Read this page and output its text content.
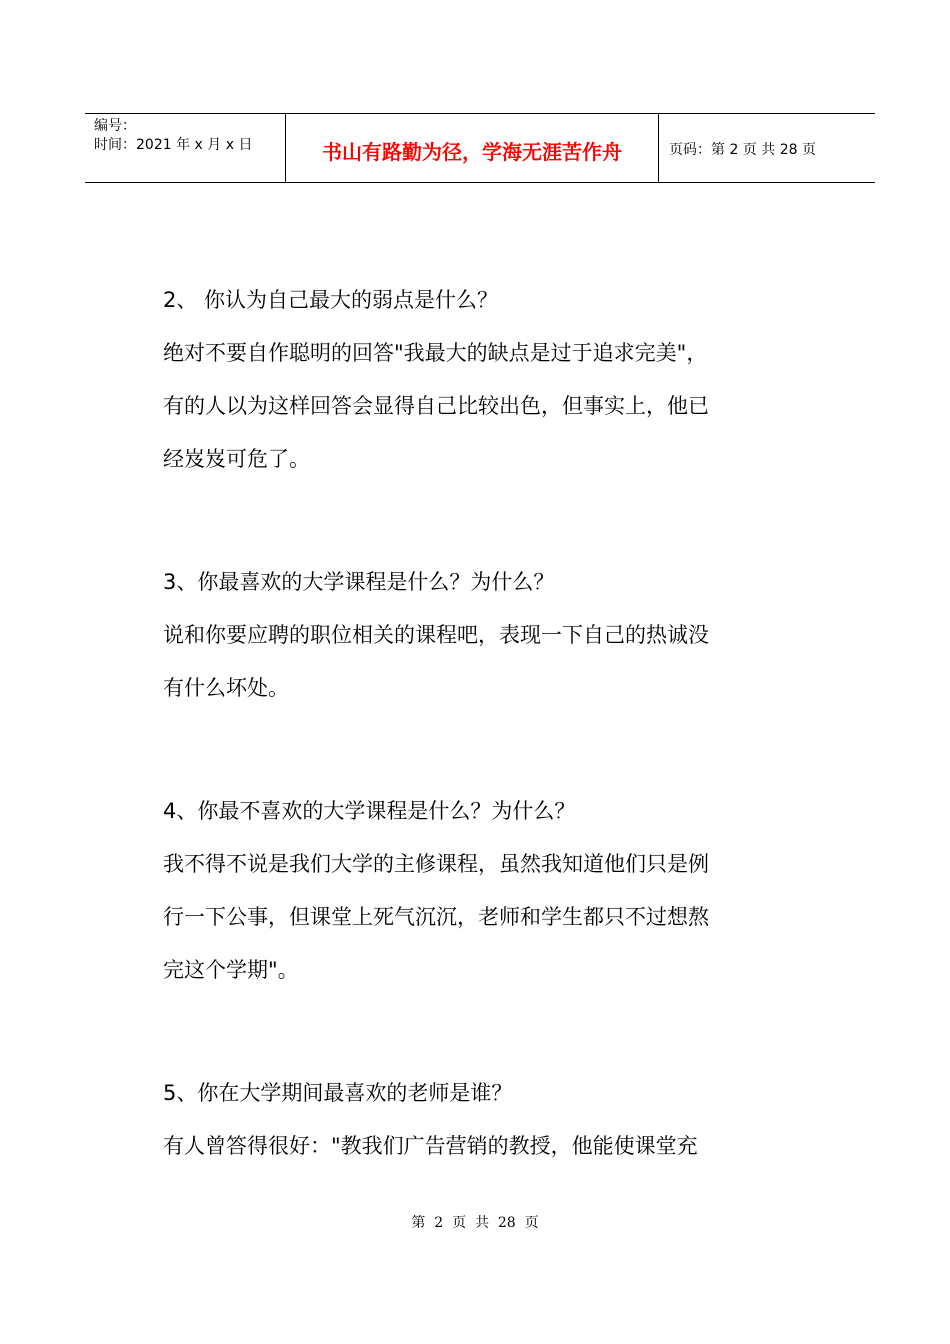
编号：
时间：2021 年 x 月 x 日	书山有路勤为径，学海无涯苦作舟	页码：第 2 页 共 28 页

2、 你认为自己最大的弱点是什么？

绝对不要自作聪明的回答"我最大的缺点是过于追求完美"，
有的人以为这样回答会显得自己比较出色，但事实上，他已
经岌岌可危了。

3、你最喜欢的大学课程是什么？为什么？

说和你要应聘的职位相关的课程吧，表现一下自己的热诚没
有什么坏处。

4、你最不喜欢的大学课程是什么？为什么？

我不得不说是我们大学的主修课程，虽然我知道他们只是例
行一下公事，但课堂上死气沉沉，老师和学生都只不过想熬
完这个学期"。

5、你在大学期间最喜欢的老师是谁？

有人曾答得很好："教我们广告营销的教授，他能使课堂充

第  2  页  共  28  页
